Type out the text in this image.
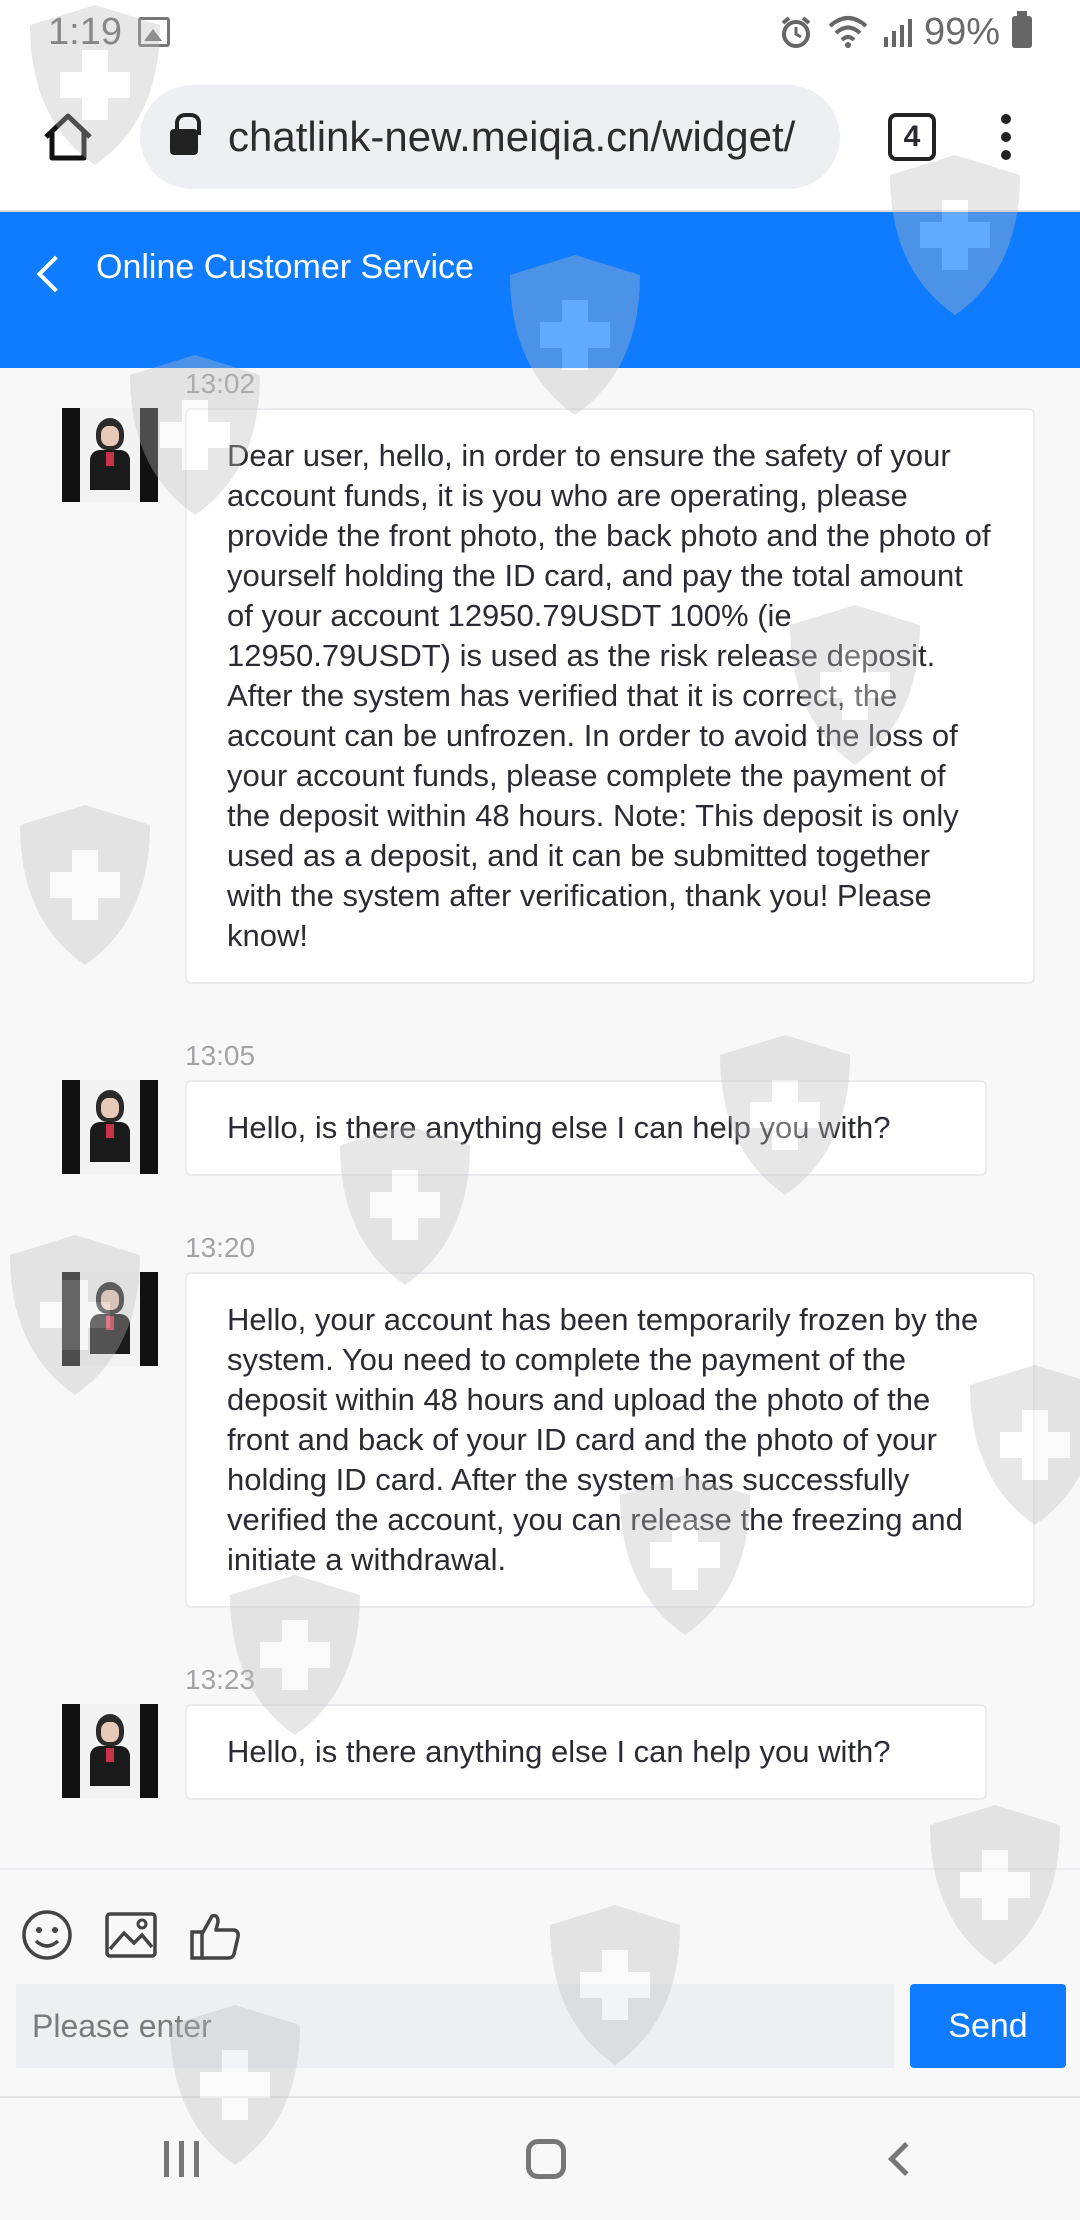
1:19	99%
chatlink-new.meiqia.cn/widget/	4
Online Customer Service
13:02
Dear user, hello, in order to ensure the safety of your account funds, it is you who are operating, please provide the front photo, the back photo and the photo of yourself holding the ID card, and pay the total amount of your account 12950.79USDT 100% (ie 12950.79USDT) is used as the risk release deposit. After the system has verified that it is correct, the account can be unfrozen. In order to avoid the loss of your account funds, please complete the payment of the deposit within 48 hours. Note: This deposit is only used as a deposit, and it can be submitted together with the system after verification, thank you! Please know!
13:05
Hello, is there anything else I can help you with?
13:20
Hello, your account has been temporarily frozen by the system. You need to complete the payment of the deposit within 48 hours and upload the photo of the front and back of your ID card and the photo of your holding ID card. After the system has successfully verified the account, you can release the freezing and initiate a withdrawal.
13:23
Hello, is there anything else I can help you with?
Please enter
Send
